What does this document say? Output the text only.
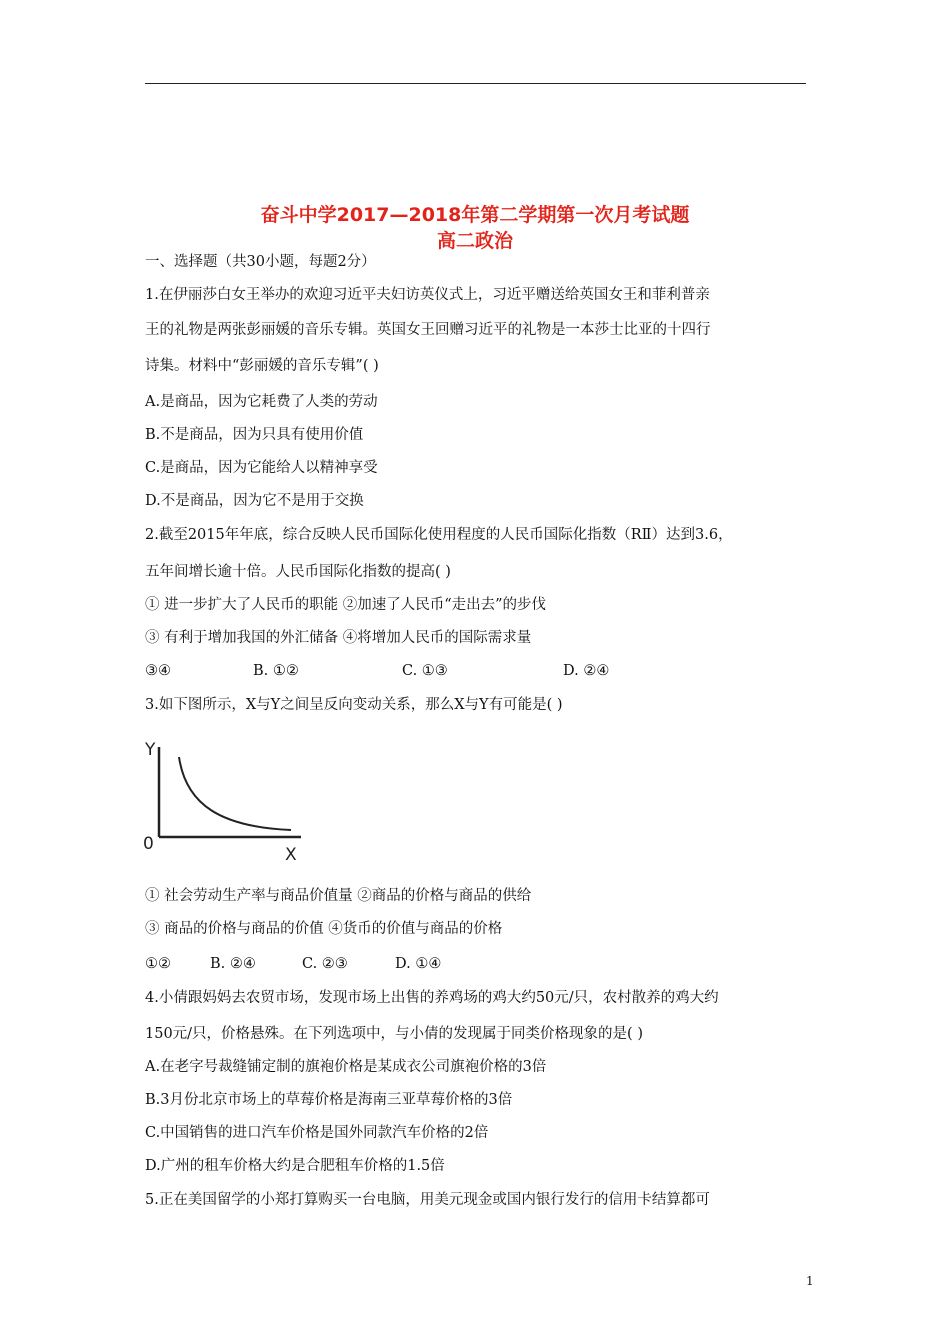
奋斗中学2017—2018年第二学期第一次月考试题
高二政治
一、选择题（共30小题，每题2分）
1.在伊丽莎白女王举办的欢迎习近平夫妇访英仪式上，习近平赠送给英国女王和菲利普亲
王的礼物是两张彭丽媛的音乐专辑。英国女王回赠习近平的礼物是一本莎士比亚的十四行
诗集。材料中“彭丽媛的音乐专辑”( )
A.是商品，因为它耗费了人类的劳动
B.不是商品，因为只具有使用价值
C.是商品，因为它能给人以精神享受
D.不是商品，因为它不是用于交换
2.截至2015年年底，综合反映人民币国际化使用程度的人民币国际化指数（RⅡ）达到3.6，
五年间增长逾十倍。人民币国际化指数的提高( )
① 进一步扩大了人民币的职能 ②加速了人民币“走出去”的步伐
③ 有利于增加我国的外汇储备 ④将增加人民币的国际需求量
③④	B. ①②	C. ①③	D. ②④
3.如下图所示，X与Y之间呈反向变动关系，那么X与Y有可能是( )
Y
0
X
① 社会劳动生产率与商品价值量 ②商品的价格与商品的供给
③ 商品的价格与商品的价值 ④货币的价值与商品的价格
①②	B. ②④	C. ②③	D. ①④
4.小倩跟妈妈去农贸市场，发现市场上出售的养鸡场的鸡大约50元/只，农村散养的鸡大约
150元/只，价格悬殊。在下列选项中，与小倩的发现属于同类价格现象的是( )
A.在老字号裁缝铺定制的旗袍价格是某成衣公司旗袍价格的3倍
B.3月份北京市场上的草莓价格是海南三亚草莓价格的3倍
C.中国销售的进口汽车价格是国外同款汽车价格的2倍
D.广州的租车价格大约是合肥租车价格的1.5倍
5.正在美国留学的小郑打算购买一台电脑，用美元现金或国内银行发行的信用卡结算都可
1
